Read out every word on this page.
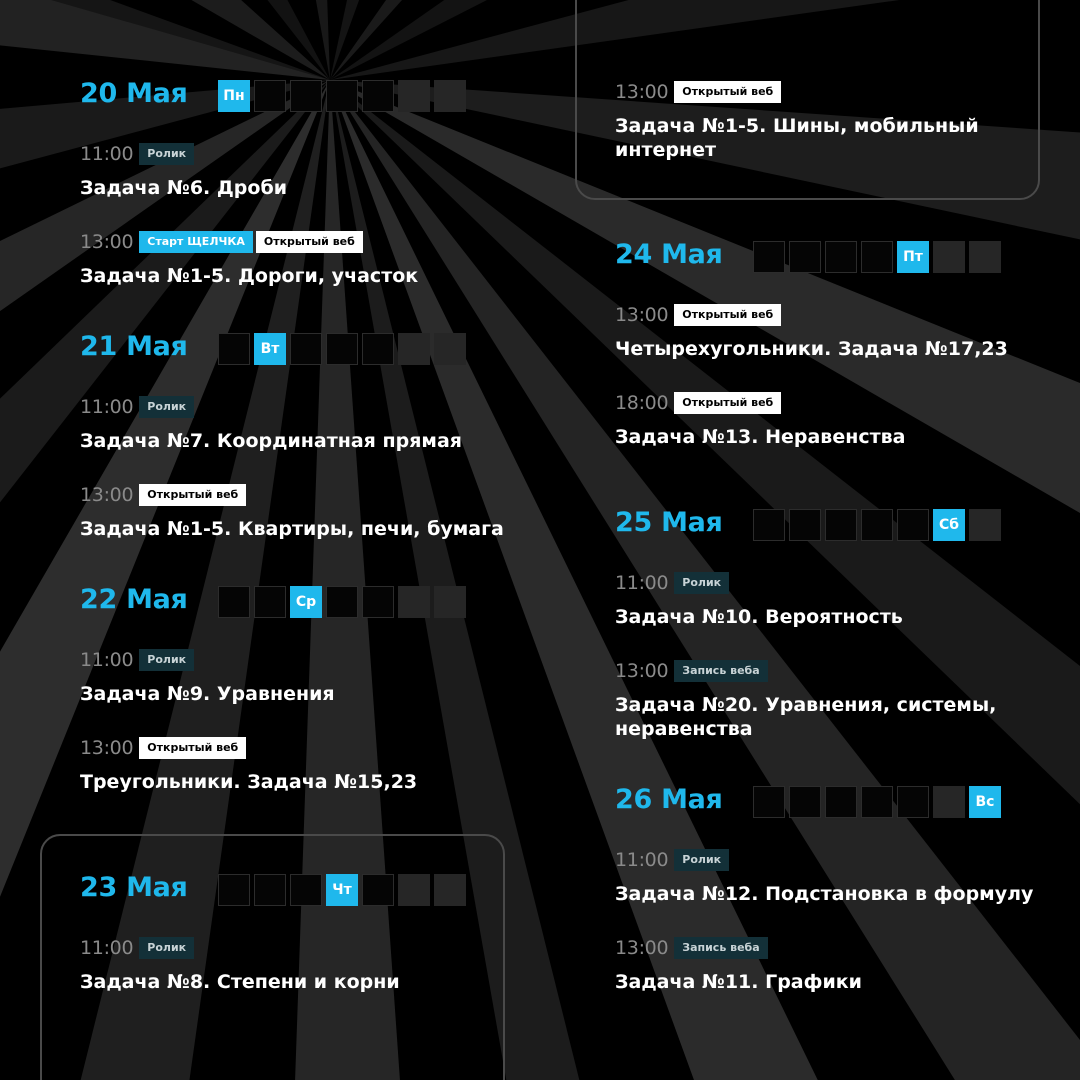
20 Мая	Пн
11:00	Ролик
Задача №6. Дроби
13:00	Старт ЩЕЛЧКА	Открытый веб
Задача №1-5. Дороги, участок
21 Мая	Вт
11:00	Ролик
Задача №7. Координатная прямая
13:00	Открытый веб
Задача №1-5. Квартиры, печи, бумага
22 Мая	Ср
11:00	Ролик
Задача №9. Уравнения
13:00	Открытый веб
Треугольники. Задача №15,23
23 Мая	Чт
11:00	Ролик
Задача №8. Степени и корни
13:00	Открытый веб
Задача №1-5. Шины, мобильный
интернет
24 Мая	Пт
13:00	Открытый веб
Четырехугольники. Задача №17,23
18:00	Открытый веб
Задача №13. Неравенства
25 Мая	Сб
11:00	Ролик
Задача №10. Вероятность
13:00	Запись веба
Задача №20. Уравнения, системы,
неравенства
26 Мая	Вс
11:00	Ролик
Задача №12. Подстановка в формулу
13:00	Запись веба
Задача №11. Графики
